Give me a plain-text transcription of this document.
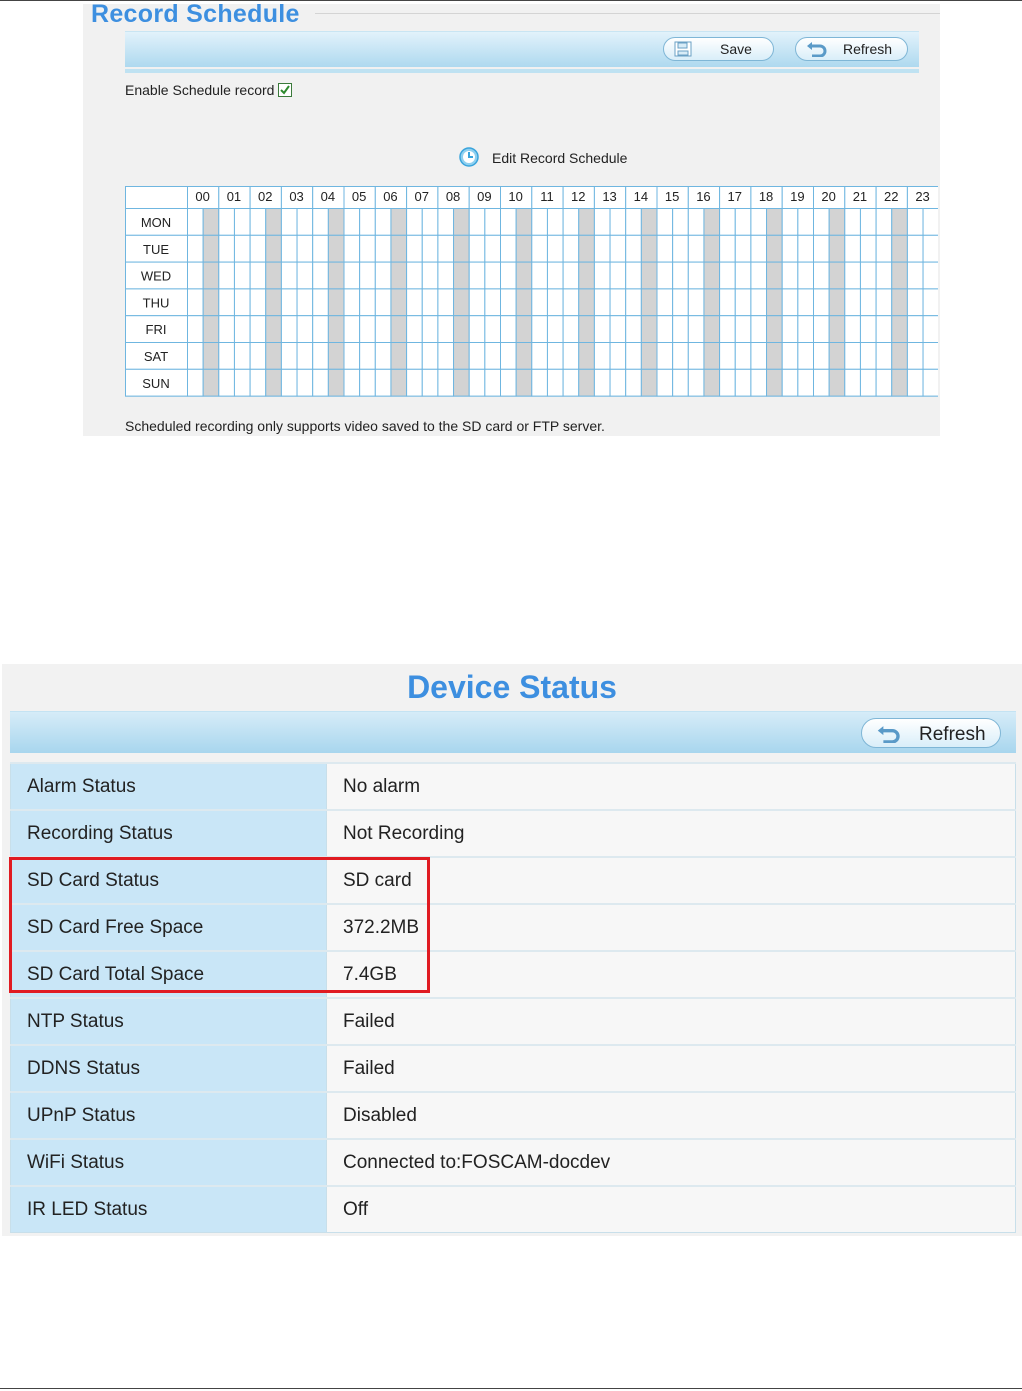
Record Schedule
Save	Refresh
Enable Schedule record
Edit Record Schedule
00 01 02 03 04 05 06 07 08 09 10 11 12 13 14 15 16 17 18 19 20 21 22 23
MON
TUE
WED
THU
FRI
SAT
SUN
Scheduled recording only supports video saved to the SD card or FTP server.
Device Status
Refresh
Alarm Status	No alarm
Recording Status	Not Recording
SD Card Status	SD card
SD Card Free Space	372.2MB
SD Card Total Space	7.4GB
NTP Status	Failed
DDNS Status	Failed
UPnP Status	Disabled
WiFi Status	Connected to:FOSCAM-docdev
IR LED Status	Off
